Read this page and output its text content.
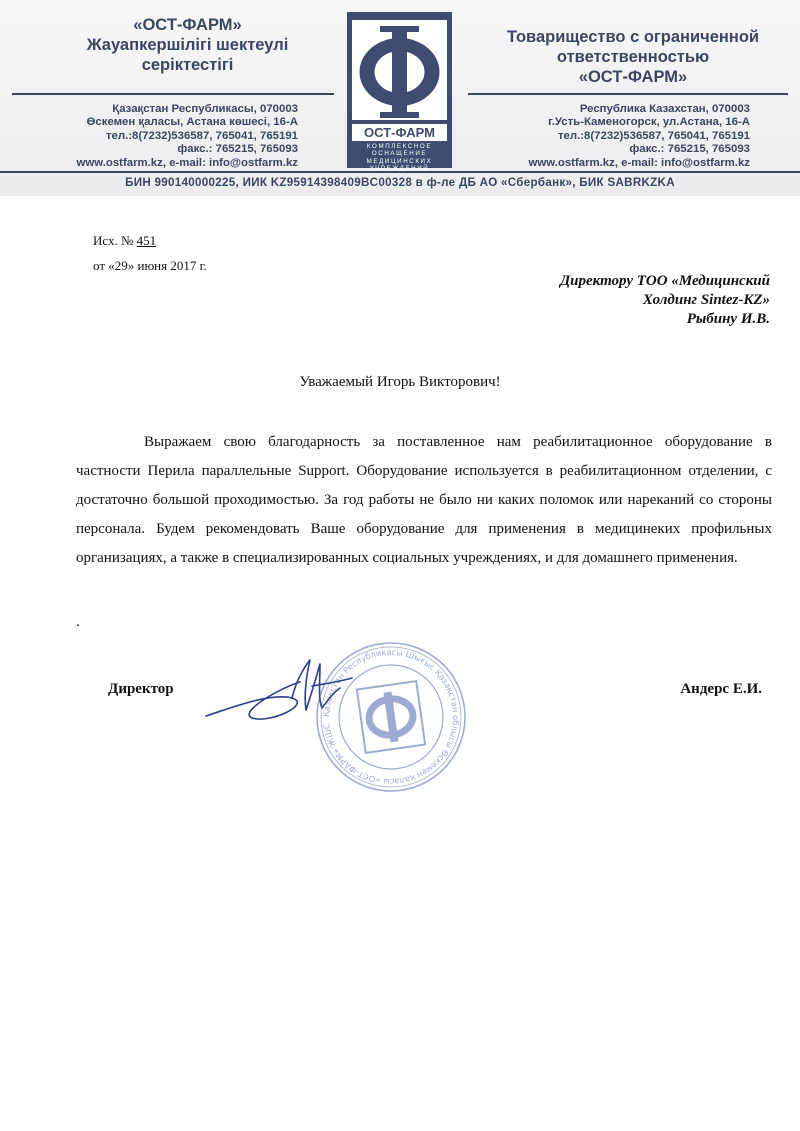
«ОСТ-ФАРМ»
Жауапкершілігі шектеулі
серіктестігі
Товарищество с ограниченной
ответственностью
«ОСТ-ФАРМ»
Қазақстан Республикасы, 070003
Өскемен қаласы, Астана көшесі, 16-А
тел.:8(7232)536587, 765041, 765191
факс.: 765215, 765093
www.ostfarm.kz, e-mail: info@ostfarm.kz
Республика Казахстан, 070003
г.Усть-Каменогорск, ул.Астана, 16-А
тел.:8(7232)536587, 765041, 765191
факс.: 765215, 765093
www.ostfarm.kz, e-mail: info@ostfarm.kz
БИН 990140000225, ИИК KZ95914398409BC00328 в ф-ле ДБ АО «Сбербанк», БИК SABRKZKA
ОСТ-ФАРМ
КОМПЛЕКСНОЕ
ОСНАЩЕНИЕ
МЕДИЦИНСКИХ
УЧРЕЖДЕНИЙ
Исх. № 451
от «29» июня 2017 г.
Директору ТОО «Медицинский
Холдинг Sintez-KZ»
Рыбину И.В.
Уважаемый Игорь Викторович!

Выражаем свою благодарность за поставленное нам реабилитационное оборудование в частности Перила параллельные Support. Оборудование используется в реабилитационном отделении, с достаточно большой проходимостью. За год работы не было ни каких поломок или нареканий со стороны персонала. Будем рекомендовать Ваше оборудование для применения в медицинеких профильных организациях, а также в специализированных социальных учреждениях, и для домашнего применения.

.
Қазақстан Республикасы Шығыс Қазақстан облысы Өскемен қаласы «ОСТ-ФАРМ» ЖШС
Директор	Андерс Е.И.
